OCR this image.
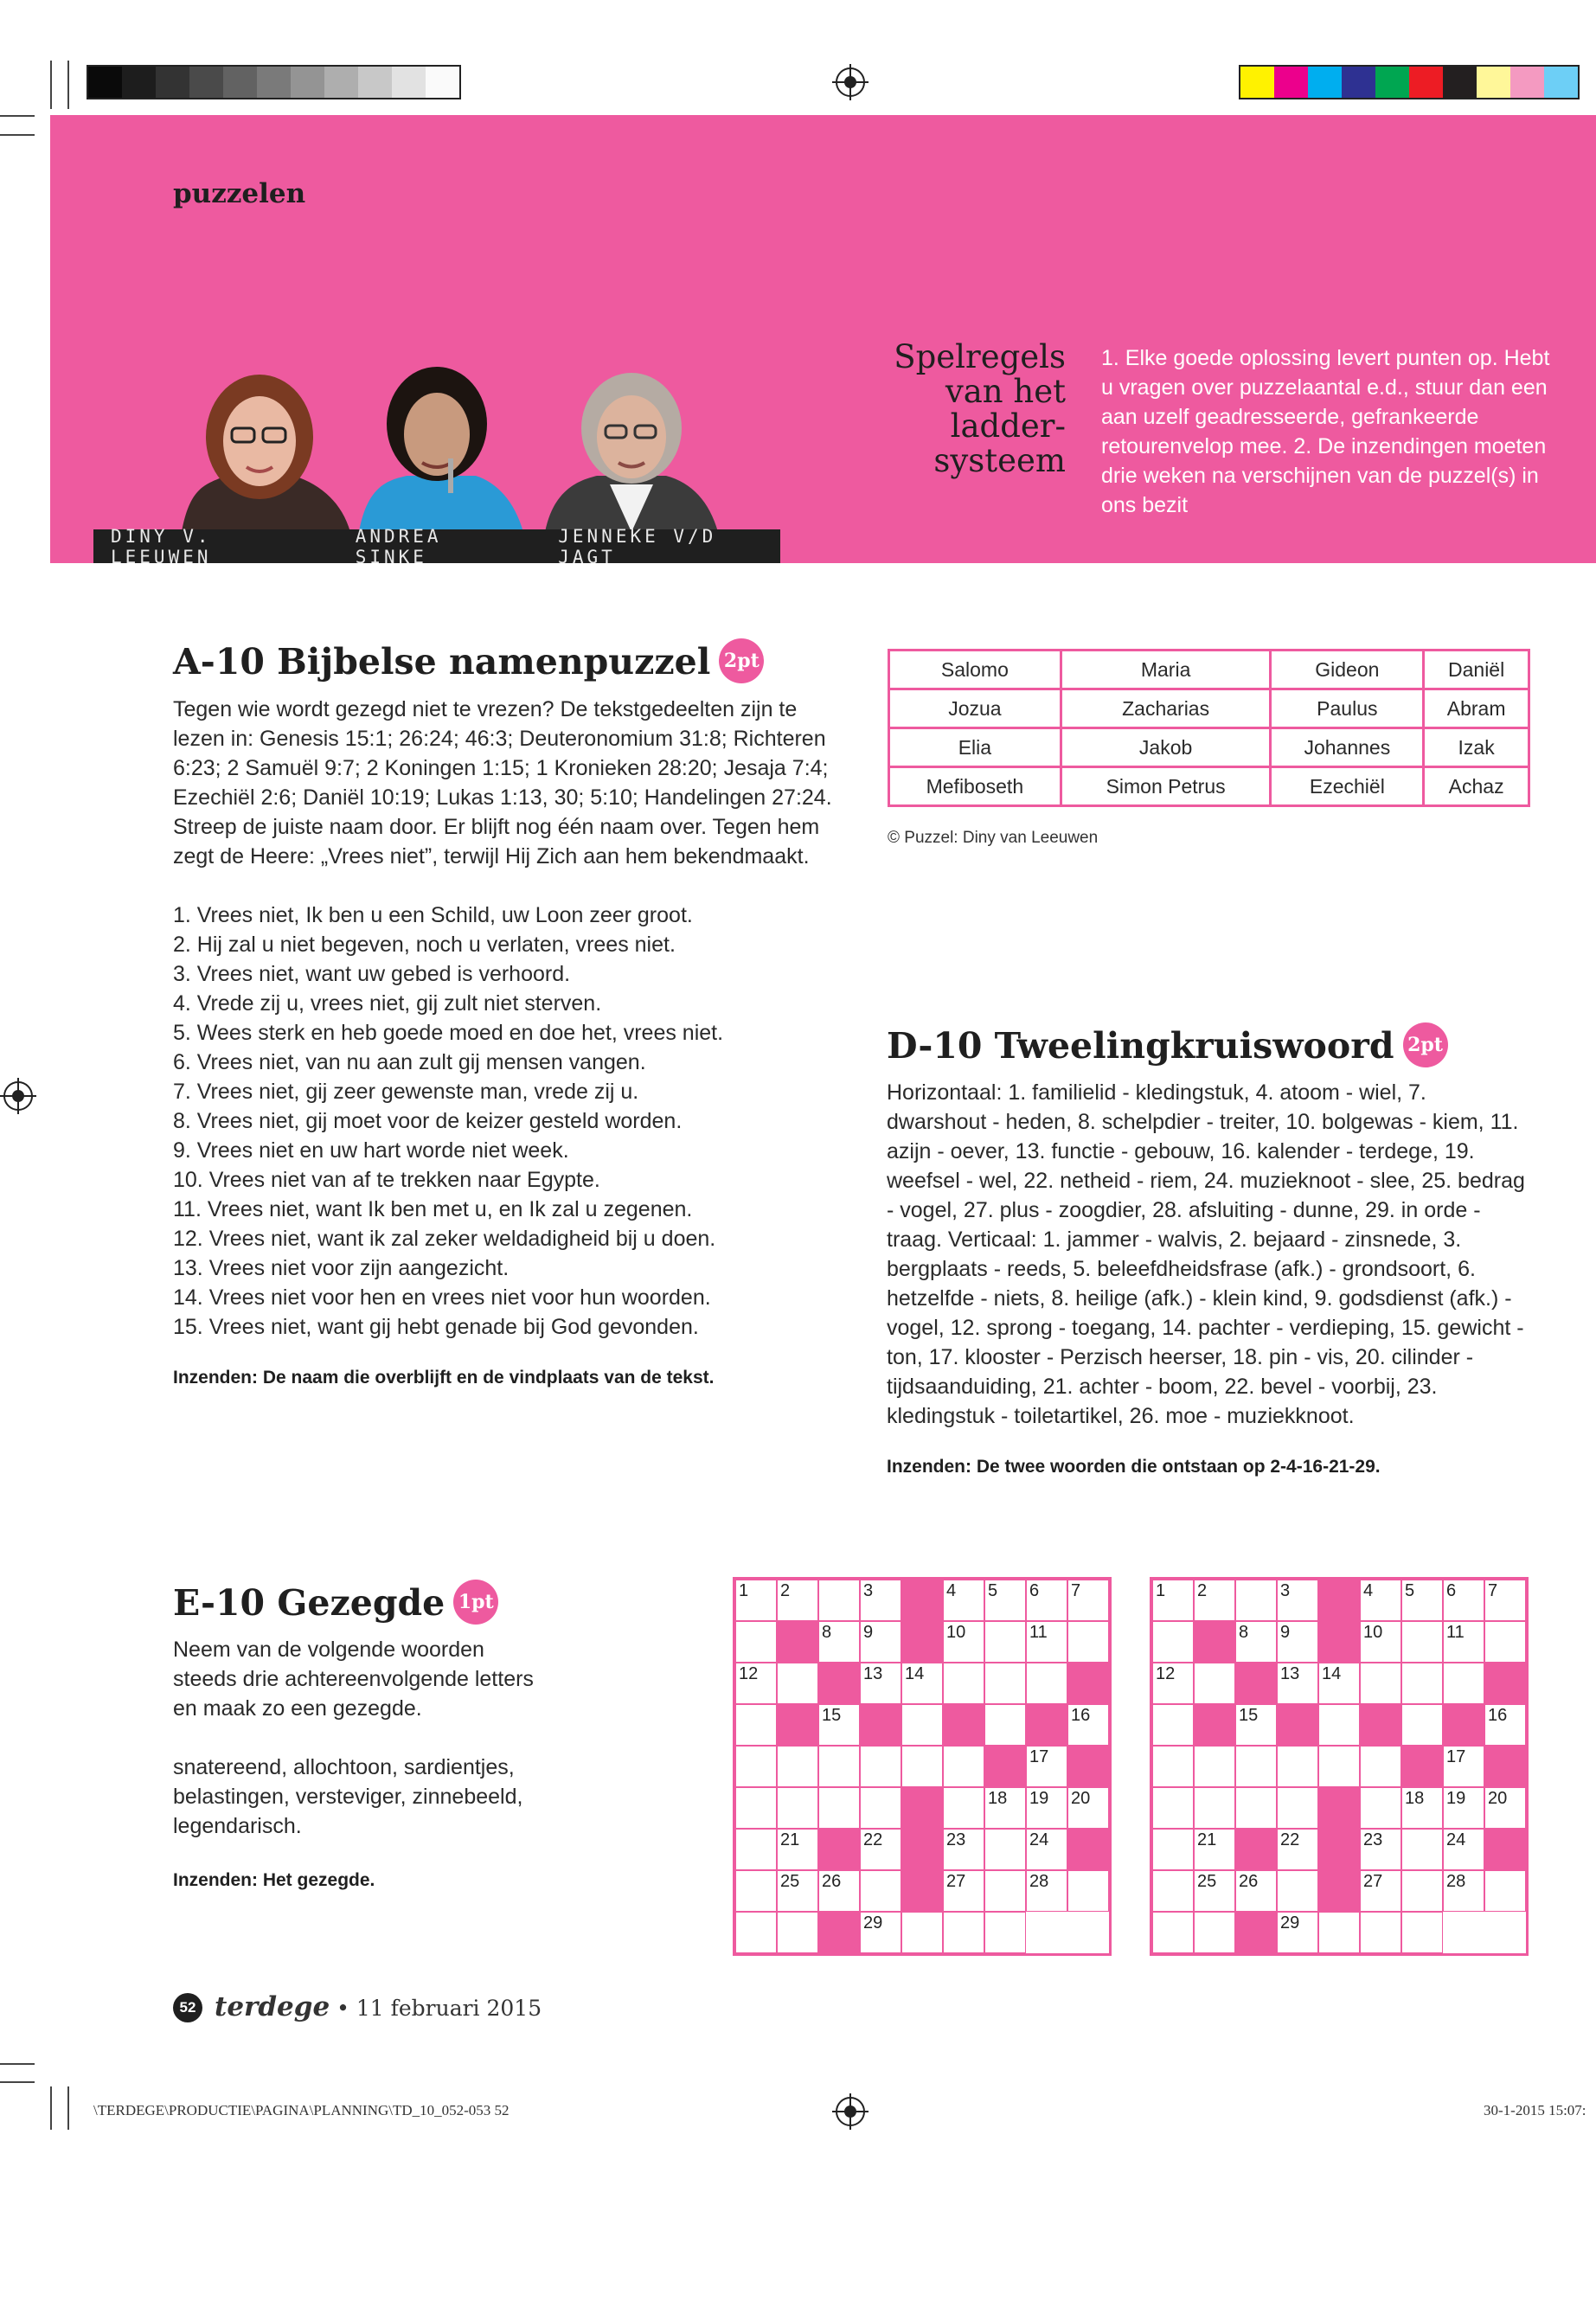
puzzelen
DINY V. LEEUWEN
ANDREA SINKE
JENNEKE V/D JAGT
Spelregels
van het
ladder-
systeem
1. Elke goede oplossing levert punten op. Hebt u vragen over puzzelaantal e.d., stuur dan een aan uzelf geadresseerde, gefrankeerde retourenvelop mee. 2. De inzendingen moeten drie weken na verschijnen van de puzzel(s) in ons bezit
A-10 Bijbelse namenpuzzel 2pt
Tegen wie wordt gezegd niet te vrezen? De tekstgedeelten zijn te lezen in: Genesis 15:1; 26:24; 46:3; Deuteronomium 31:8; Richteren 6:23; 2 Samuël 9:7; 2 Koningen 1:15; 1 Kronieken 28:20; Jesaja 7:4; Ezechiël 2:6; Daniël 10:19; Lukas 1:13, 30; 5:10; Handelingen 27:24. Streep de juiste naam door. Er blijft nog één naam over. Tegen hem zegt de Heere: „Vrees niet”, terwijl Hij Zich aan hem bekendmaakt.
1. Vrees niet, Ik ben u een Schild, uw Loon zeer groot.
2. Hij zal u niet begeven, noch u verlaten, vrees niet.
3. Vrees niet, want uw gebed is verhoord.
4. Vrede zij u, vrees niet, gij zult niet sterven.
5. Wees sterk en heb goede moed en doe het, vrees niet.
6. Vrees niet, van nu aan zult gij mensen vangen.
7. Vrees niet, gij zeer gewenste man, vrede zij u.
8. Vrees niet, gij moet voor de keizer gesteld worden.
9. Vrees niet en uw hart worde niet week.
10. Vrees niet van af te trekken naar Egypte.
11. Vrees niet, want Ik ben met u, en Ik zal u zegenen.
12. Vrees niet, want ik zal zeker weldadigheid bij u doen.
13. Vrees niet voor zijn aangezicht.
14. Vrees niet voor hen en vrees niet voor hun woorden.
15. Vrees niet, want gij hebt genade bij God gevonden.
Inzenden: De naam die overblijft en de vindplaats van de tekst.
Salomo	Maria	Gideon	Daniël
Jozua	Zacharias	Paulus	Abram
Elia	Jakob	Johannes	Izak
Mefiboseth	Simon Petrus	Ezechiël	Achaz
© Puzzel: Diny van Leeuwen
D-10 Tweelingkruiswoord 2pt
Horizontaal: 1. familielid - kledingstuk, 4. atoom - wiel, 7. dwarshout - heden, 8. schelpdier - treiter, 10. bolgewas - kiem, 11. azijn - oever, 13. functie - gebouw, 16. kalender - terdege, 19. weefsel - wel, 22. netheid - riem, 24. muzieknoot - slee, 25. bedrag - vogel, 27. plus - zoogdier, 28. afsluiting - dunne, 29. in orde - traag. Verticaal: 1. jammer - walvis, 2. bejaard - zinsnede, 3. bergplaats - reeds, 5. beleefdheidsfrase (afk.) - grondsoort, 6. hetzelfde - niets, 8. heilige (afk.) - klein kind, 9. godsdienst (afk.) - vogel, 12. sprong - toegang, 14. pachter - verdieping, 15. gewicht - ton, 17. klooster - Perzisch heerser, 18. pin - vis, 20. cilinder - tijdsaanduiding, 21. achter - boom, 22. bevel - voorbij, 23. kledingstuk - toiletartikel, 26. moe - muziekknoot.
Inzenden: De twee woorden die ontstaan op 2-4-16-21-29.
E-10 Gezegde 1pt
Neem van de volgende woorden steeds drie achtereenvolgende letters en maak zo een gezegde.
snatereend, allochtoon, sardientjes, belastingen, versteviger, zinnebeeld, legendarisch.
Inzenden: Het gezegde.
1 2	3	4 5 6 7
8 9	10	11
12	13 14
15	16
17
18 19 20
21	22	23	24
25 26	27	28
29
1 2	3	4 5 6 7
8 9	10	11
12	13 14
15	16
17
18 19 20
21	22	23	24
25 26	27	28
29
52 terdege • 11 februari 2015
\TERDEGE\PRODUCTIE\PAGINA\PLANNING\TD_10_052-053 52	30-1-2015 15:07:
